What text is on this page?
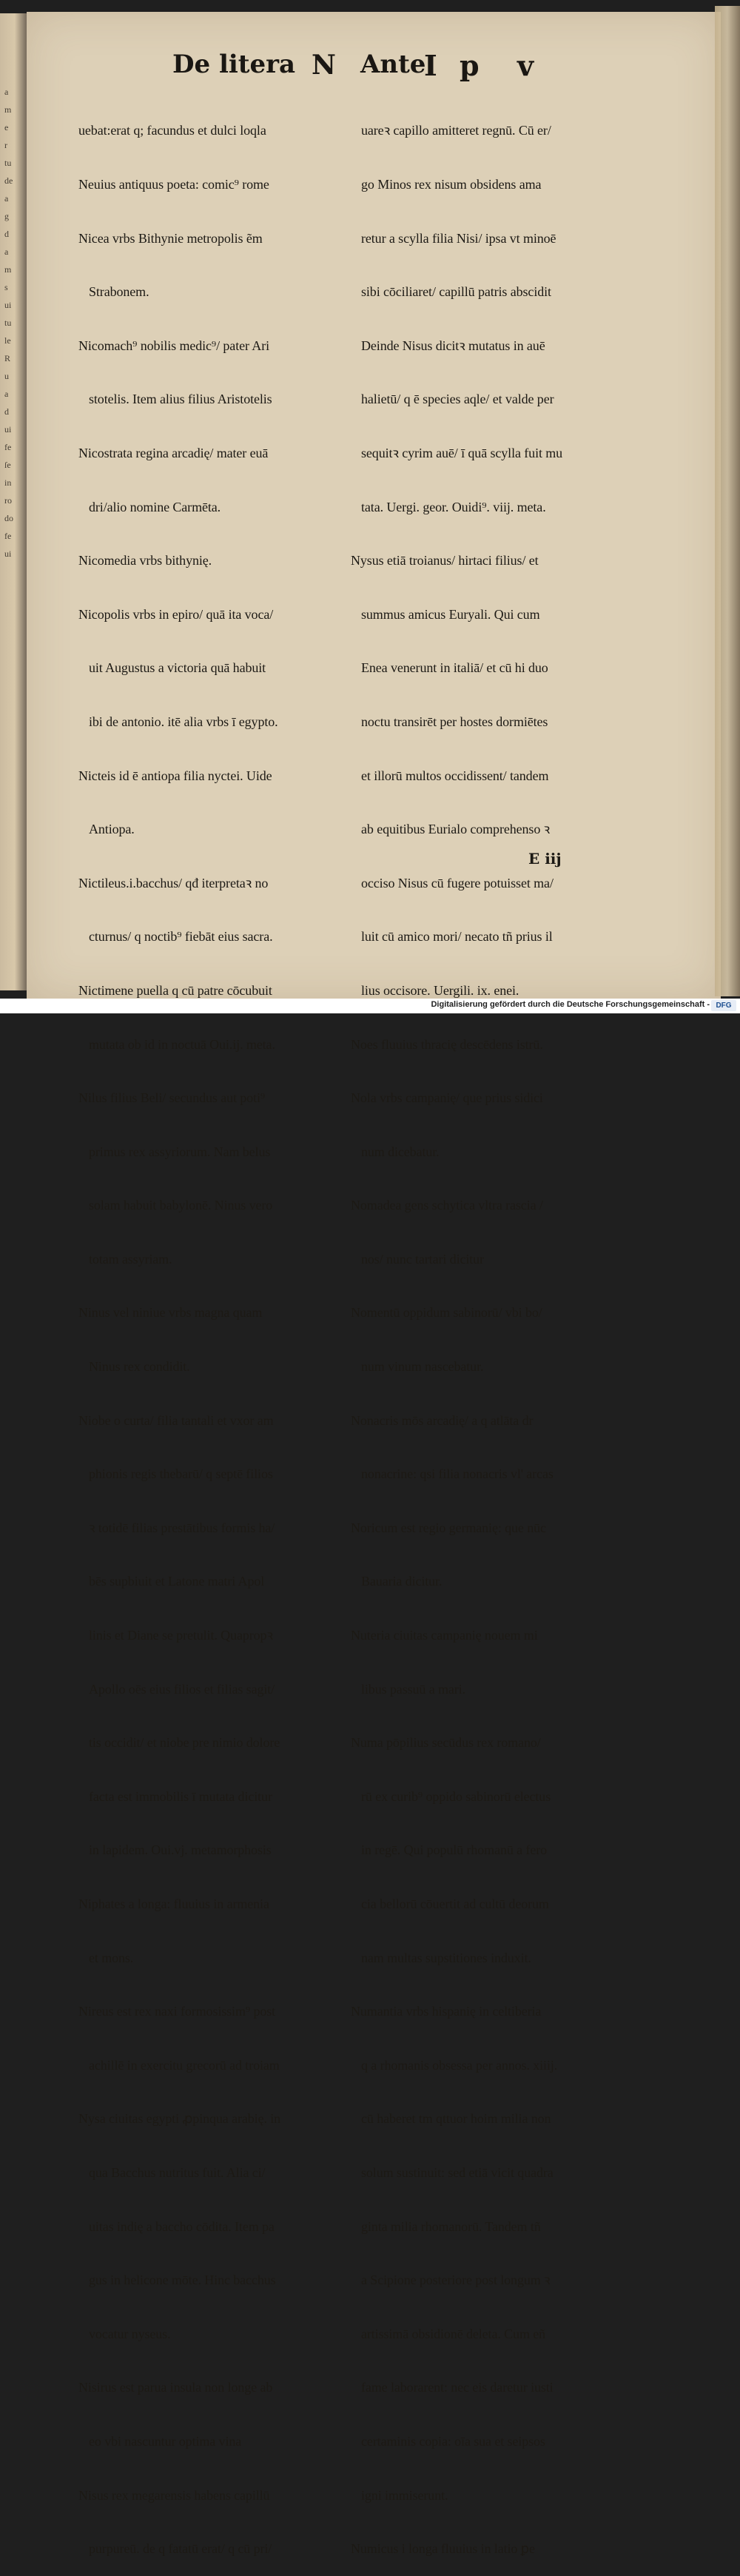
a
m
e
r
tu
de
a
g
d
a
m
s
ui
tu
le
R
u
a
d
ui
fe
ſe
in
ro
do
fe
ui

De litera N Ante
I p v

uebat:erat q; facundus et dulci loqla

Neuius antiquus poeta: comic⁹ rome

Nicea vrbs Bithynie metropolis ẽm

Strabonem.

Nicomach⁹ nobilis medic⁹/ pater Ari

stotelis. Item alius filius Aristotelis

Nicostrata regina arcadię/ mater euā

dri/alio nomine Carmēta.

Nicomedia vrbs bithynię.

Nicopolis vrbs in epiro/ quā ita voca/

uit Augustus a victoria quā habuit

ibi de antonio. itē alia vrbs ī egypto.

Nicteis id ē antiopa filia nyctei. Uide

Antiopa.

Nictileus.i.bacchus/ qđ iterpretaꝛ no

cturnus/ q noctib⁹ fiebāt eius sacra.

Nictimene puella q cū patre cōcubuit

mutata ob id in noctuā Oui.ij. meta.

Nilus filius Beli/ secundus aut poti⁹

primus rex assyriorum. Nam belus

solam habuit babylonē. Ninus vero

totam assyriam.

Ninus vel niniue vrbs magna quam

Ninus rex condidit.

Niobe o curta/ filia tantali et vxor am

phionis regis thebarū/ q septē filios

ꝛ totidē filias prestātibus formis ha/

bēs supbiuit et Latone matri Apol

linis et Diane se pretulit. Quapropꝛ

Apollo oēs eius filios et filias sagit/

tis occidit/ et niobe pre nimio dolore

facta est immobilis ī mutata dicitur

in lapidem. Oui.vj. metamorphosis

Niphates a longa: fluuius in armenia

et mons.

Nireus est rex naxi formosissim⁹ post

achillē in exercitu grecorū ad troiam

Nysa ciuitas egypti ꝓpinqua arabię. in

qua Bacchus nutritus fuit. Alia ci/

uitas indię a baccho cōdita. Item pa

gus in helicone mōte. Hinc bacchus

vocatur nyseus.

Nisirus est parua insula non longe ab

eo vbi nascuntur optima vina

Nisus rex megarensis habens capillū

purpureū. de q fatatū erat/ q cū pri/

uareꝛ capillo amitteret regnū. Cū er/

go Minos rex nisum obsidens ama

retur a scylla filia Nisi/ ipsa vt minoē

sibi cōciliaret/ capillū patris abscidit

Deinde Nisus dicitꝛ mutatus in auē

halietū/ q ē species aqle/ et valde per

sequitꝛ cyrim auē/ ī quā scylla fuit mu

tata. Uergi. geor. Ouidi⁹. viij. meta.

Nysus etiā troianus/ hirtaci filius/ et

summus amicus Euryali. Qui cum

Enea venerunt in italiā/ et cū hi duo

noctu transirēt per hostes dormiētes

et illorū multos occidissent/ tandem

ab equitibus Eurialo comprehenso ꝛ

occiso Nisus cū fugere potuisset ma/

luit cū amico mori/ necato tñ prius il

lius occisore. Uergili. ix. enei.

Noes fluuius thracię descēdens istrū.

Nola vrbs campanię/ que prius sidici

num dicebatur.

Nomadea gens schytica vltra rascia /

nos/ nunc tartari dicitur

Nomentū oppidum sabinorū/ vbi bo/

num vinum nascebatur.

Nonacris mōs arcadię/ a q atlāta dr

nonacrine: qsi filia nonacris vl' arcas

Noricum est regio germanię: que nūc

Bauaria dicitur.

Nuteria ciuitas campanię nouem mi

libus passuū a mari.

Numa pōpilius secūdus rex romano/

rū ex curib⁹ oppido sabinorū electus

in regē. Qui populū rhomanū a fero

cia bellorū cōuertit ad cultū deorum

nam multas supstitiones induxit.

Numantia vrbs hispanię in celtiberia

q a rhomanis obsessa per annos. xiiij.

cū haberet tm qttuor hoim milia non

solum sustinuit: sed etiā vicit quadra

ginta milia rhomanorū. Tandem tñ

a Scipione posteriore post longum ꝛ

artissimā obsidionē deleta. Cum eñ

fame laborarent: nec eis daretur iusti

certaminis copia: oīa sua et seipsos

igni immiserunt.

Numicus i longa fluuius in latio ꝑe

E iij
Digitalisierung gefördert durch die Deutsche Forschungsgemeinschaft - DFG
